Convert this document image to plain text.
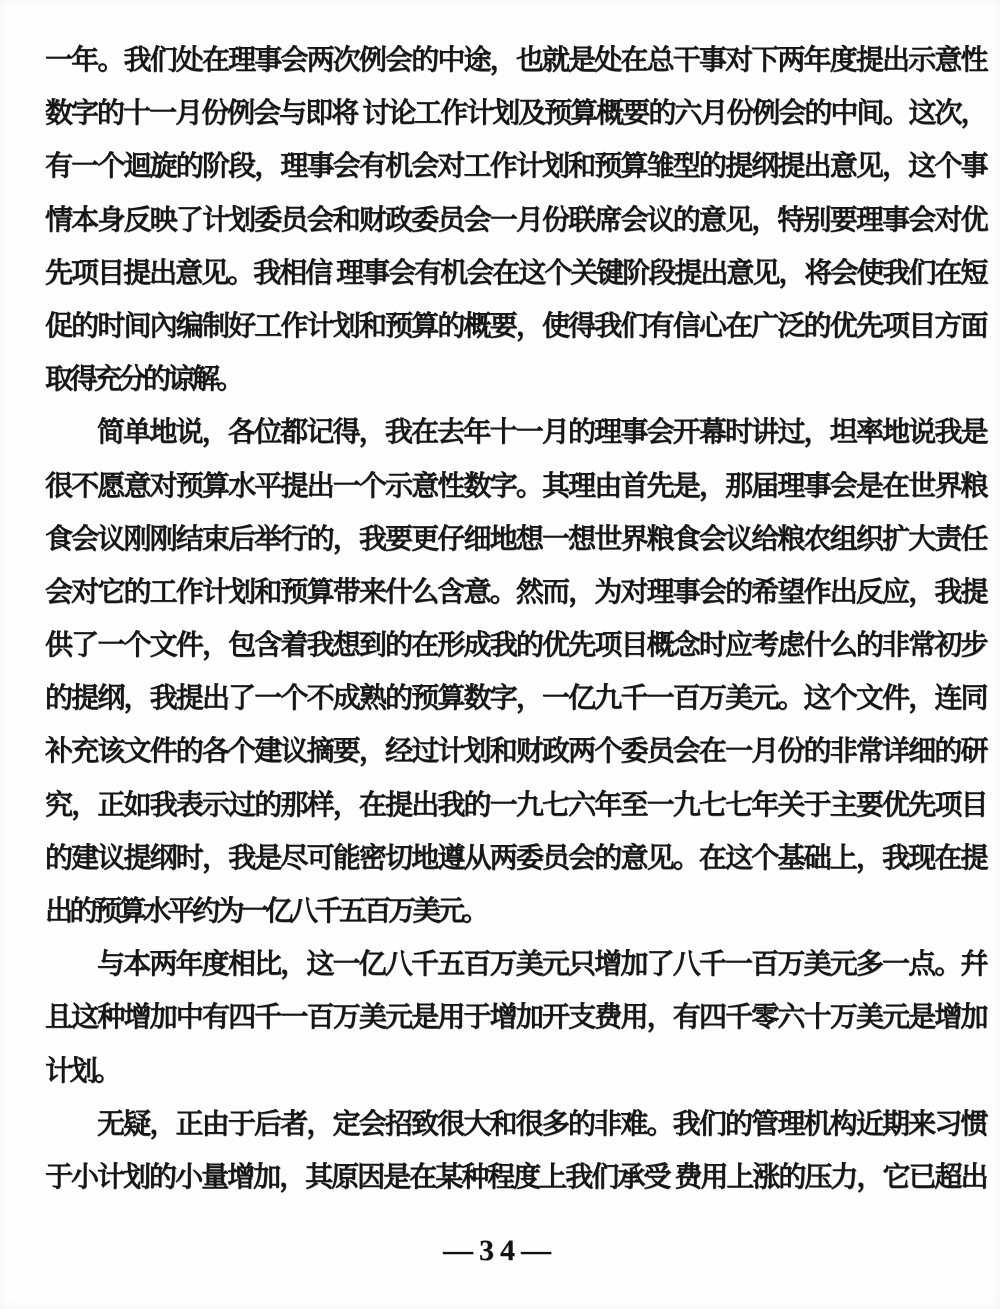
一年。我们处在理事会两次例会的中途，也就是处在总干事对下两年度提出示意性
数字的十一月份例会与即将 讨论工作计划及预算概要的六月份例会的中间。这次，
有一个迴旋的阶段，理事会有机会对工作计划和预算雏型的提纲提出意见，这个事
情本身反映了计划委员会和财政委员会一月份联席会议的意见，特别要理事会对优
先项目提出意见。我相信 理事会有机会在这个关键阶段提出意见，将会使我们在短
促的时间內编制好工作计划和预算的概要，使得我们有信心在广泛的优先项目方面
取得充分的谅解。
简单地说，各位都记得，我在去年十一月的理事会开幕时讲过，坦率地说我是
很不愿意对预算水平提出一个示意性数字。其理由首先是，那届理事会是在世界粮
食会议刚刚结束后举行的，我要更仔细地想一想世界粮食会议给粮农组织扩大责任
会对它的工作计划和预算带来什么含意。然而，为对理事会的希望作出反应，我提
供了一个文件，包含着我想到的在形成我的优先项目概念时应考虑什么的非常初步
的提纲，我提出了一个不成熟的预算数字，一亿九千一百万美元。这个文件，连同
补充该文件的各个建议摘要，经过计划和财政两个委员会在一月份的非常详细的研
究，正如我表示过的那样，在提出我的一九七六年至一九七七年关于主要优先项目
的建议提纲时，我是尽可能密切地遵从两委员会的意见。在这个基础上，我现在提
出的预算水平约为一亿八千五百万美元。
与本两年度相比，这一亿八千五百万美元只增加了八千一百万美元多一点。幷
且这种增加中有四千一百万美元是用于增加开支费用，有四千零六十万美元是增加
计划。
无疑，正由于后者，定会招致很大和很多的非难。我们的管理机构近期来习惯
于小计划的小量增加，其原因是在某种程度上我们承受 费用上涨的压力，它已超出
—34—
